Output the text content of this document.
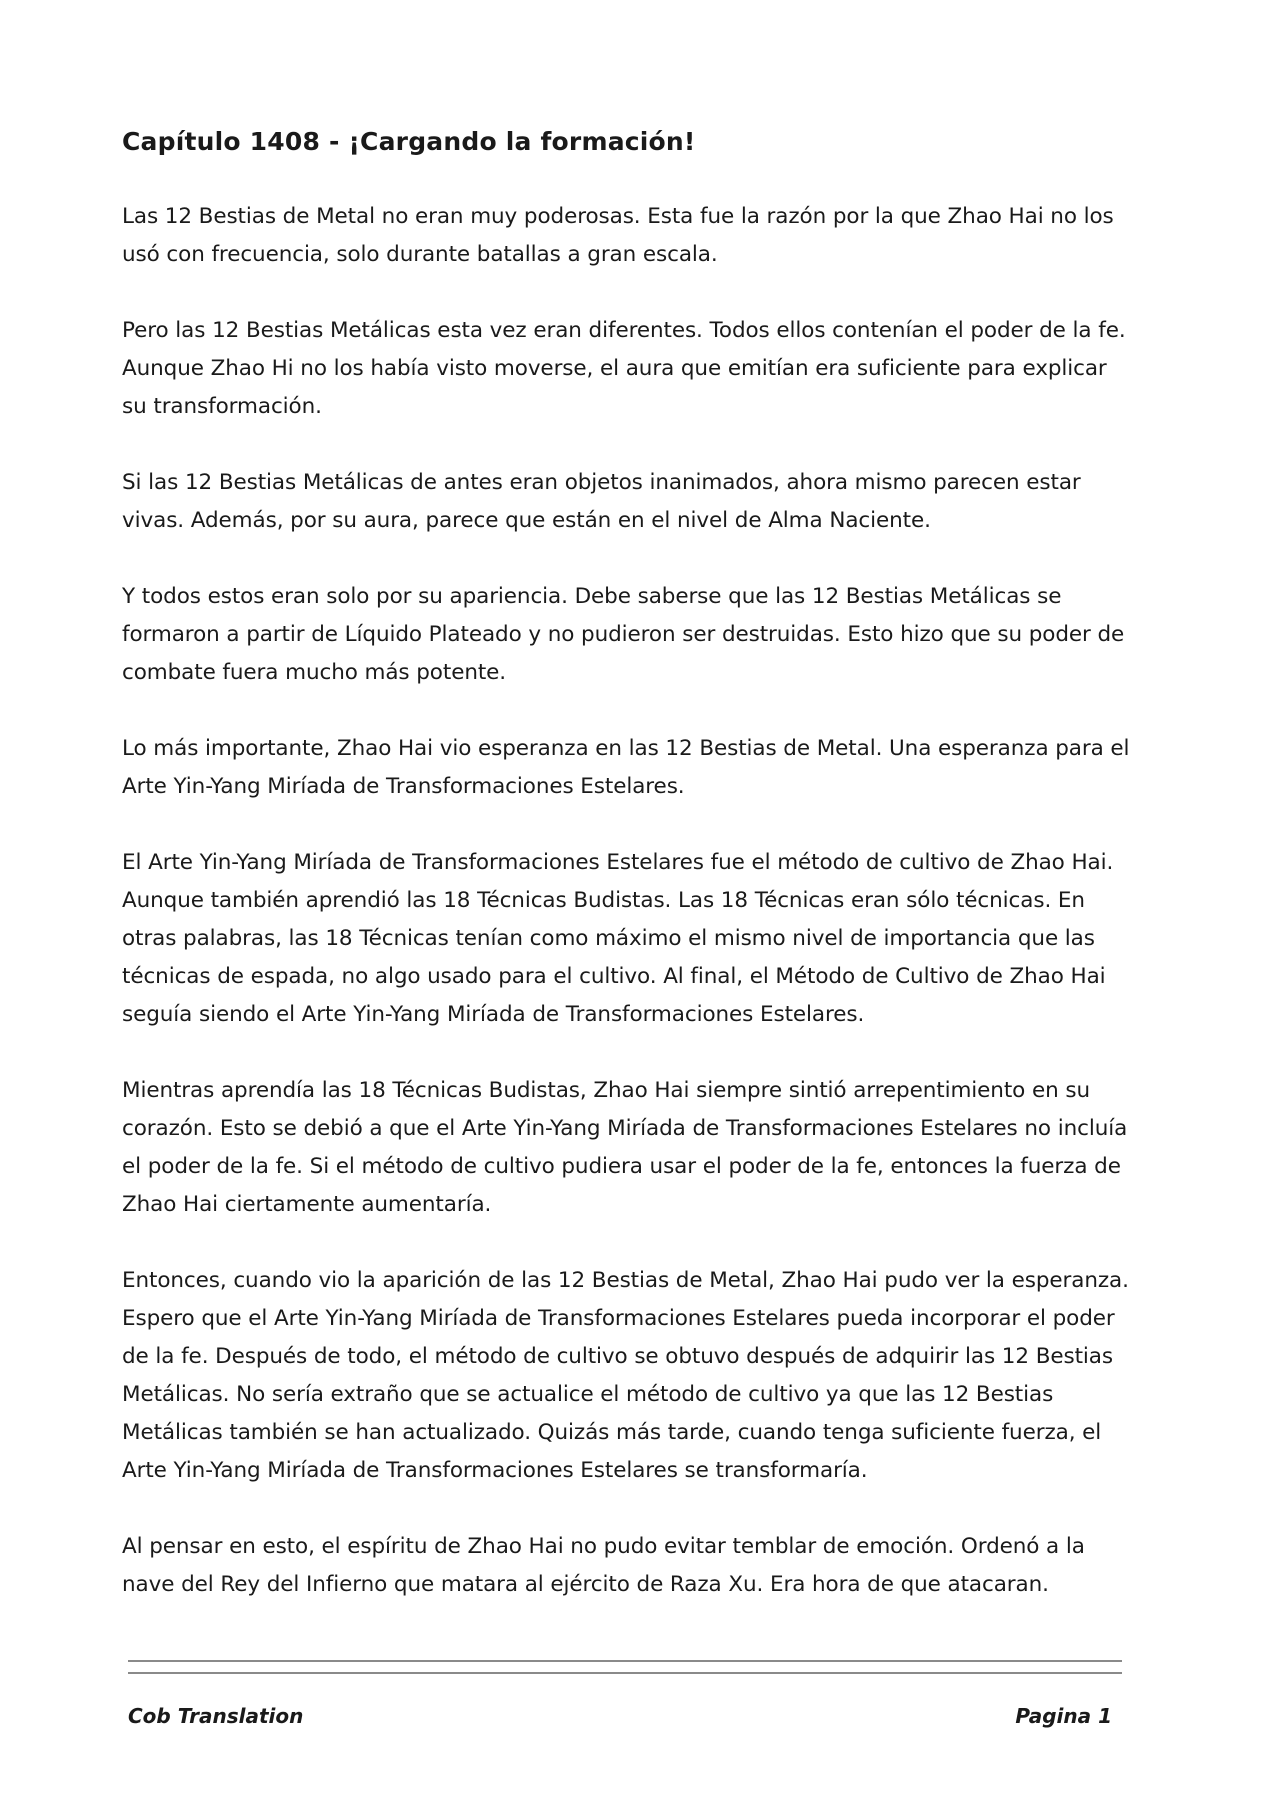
Capítulo 1408 - ¡Cargando la formación!

Las 12 Bestias de Metal no eran muy poderosas. Esta fue la razón por la que Zhao Hai no los usó con frecuencia, solo durante batallas a gran escala.

Pero las 12 Bestias Metálicas esta vez eran diferentes. Todos ellos contenían el poder de la fe. Aunque Zhao Hi no los había visto moverse, el aura que emitían era suficiente para explicar su transformación.

Si las 12 Bestias Metálicas de antes eran objetos inanimados, ahora mismo parecen estar vivas. Además, por su aura, parece que están en el nivel de Alma Naciente.

Y todos estos eran solo por su apariencia. Debe saberse que las 12 Bestias Metálicas se formaron a partir de Líquido Plateado y no pudieron ser destruidas. Esto hizo que su poder de combate fuera mucho más potente.

Lo más importante, Zhao Hai vio esperanza en las 12 Bestias de Metal. Una esperanza para el Arte Yin-Yang Miríada de Transformaciones Estelares.

El Arte Yin-Yang Miríada de Transformaciones Estelares fue el método de cultivo de Zhao Hai. Aunque también aprendió las 18 Técnicas Budistas. Las 18 Técnicas eran sólo técnicas. En otras palabras, las 18 Técnicas tenían como máximo el mismo nivel de importancia que las técnicas de espada, no algo usado para el cultivo. Al final, el Método de Cultivo de Zhao Hai seguía siendo el Arte Yin-Yang Miríada de Transformaciones Estelares.

Mientras aprendía las 18 Técnicas Budistas, Zhao Hai siempre sintió arrepentimiento en su corazón. Esto se debió a que el Arte Yin-Yang Miríada de Transformaciones Estelares no incluía el poder de la fe. Si el método de cultivo pudiera usar el poder de la fe, entonces la fuerza de Zhao Hai ciertamente aumentaría.

Entonces, cuando vio la aparición de las 12 Bestias de Metal, Zhao Hai pudo ver la esperanza. Espero que el Arte Yin-Yang Miríada de Transformaciones Estelares pueda incorporar el poder de la fe. Después de todo, el método de cultivo se obtuvo después de adquirir las 12 Bestias Metálicas. No sería extraño que se actualice el método de cultivo ya que las 12 Bestias Metálicas también se han actualizado. Quizás más tarde, cuando tenga suficiente fuerza, el Arte Yin-Yang Miríada de Transformaciones Estelares se transformaría.

Al pensar en esto, el espíritu de Zhao Hai no pudo evitar temblar de emoción. Ordenó a la nave del Rey del Infierno que matara al ejército de Raza Xu. Era hora de que atacaran.

Cob Translation	Pagina 1
